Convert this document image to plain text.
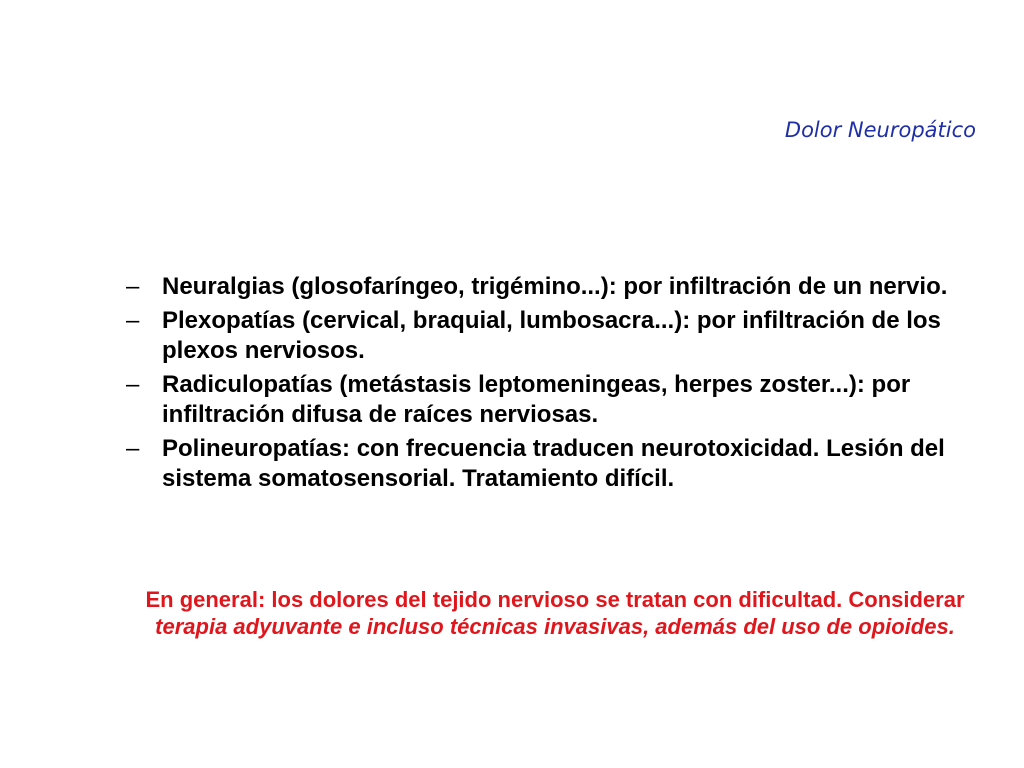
Dolor Neuropático
– Neuralgias (glosofaríngeo, trigémino...): por infiltración de un nervio.
– Plexopatías (cervical, braquial, lumbosacra...): por infiltración de los plexos nerviosos.
– Radiculopatías (metástasis leptomeningeas, herpes zoster...): por infiltración difusa de raíces nerviosas.
– Polineuropatías: con frecuencia traducen neurotoxicidad. Lesión del sistema somatosensorial. Tratamiento difícil.
En general: los dolores del tejido nervioso se tratan con dificultad. Considerar terapia adyuvante e incluso técnicas invasivas, además del uso de opioides.
